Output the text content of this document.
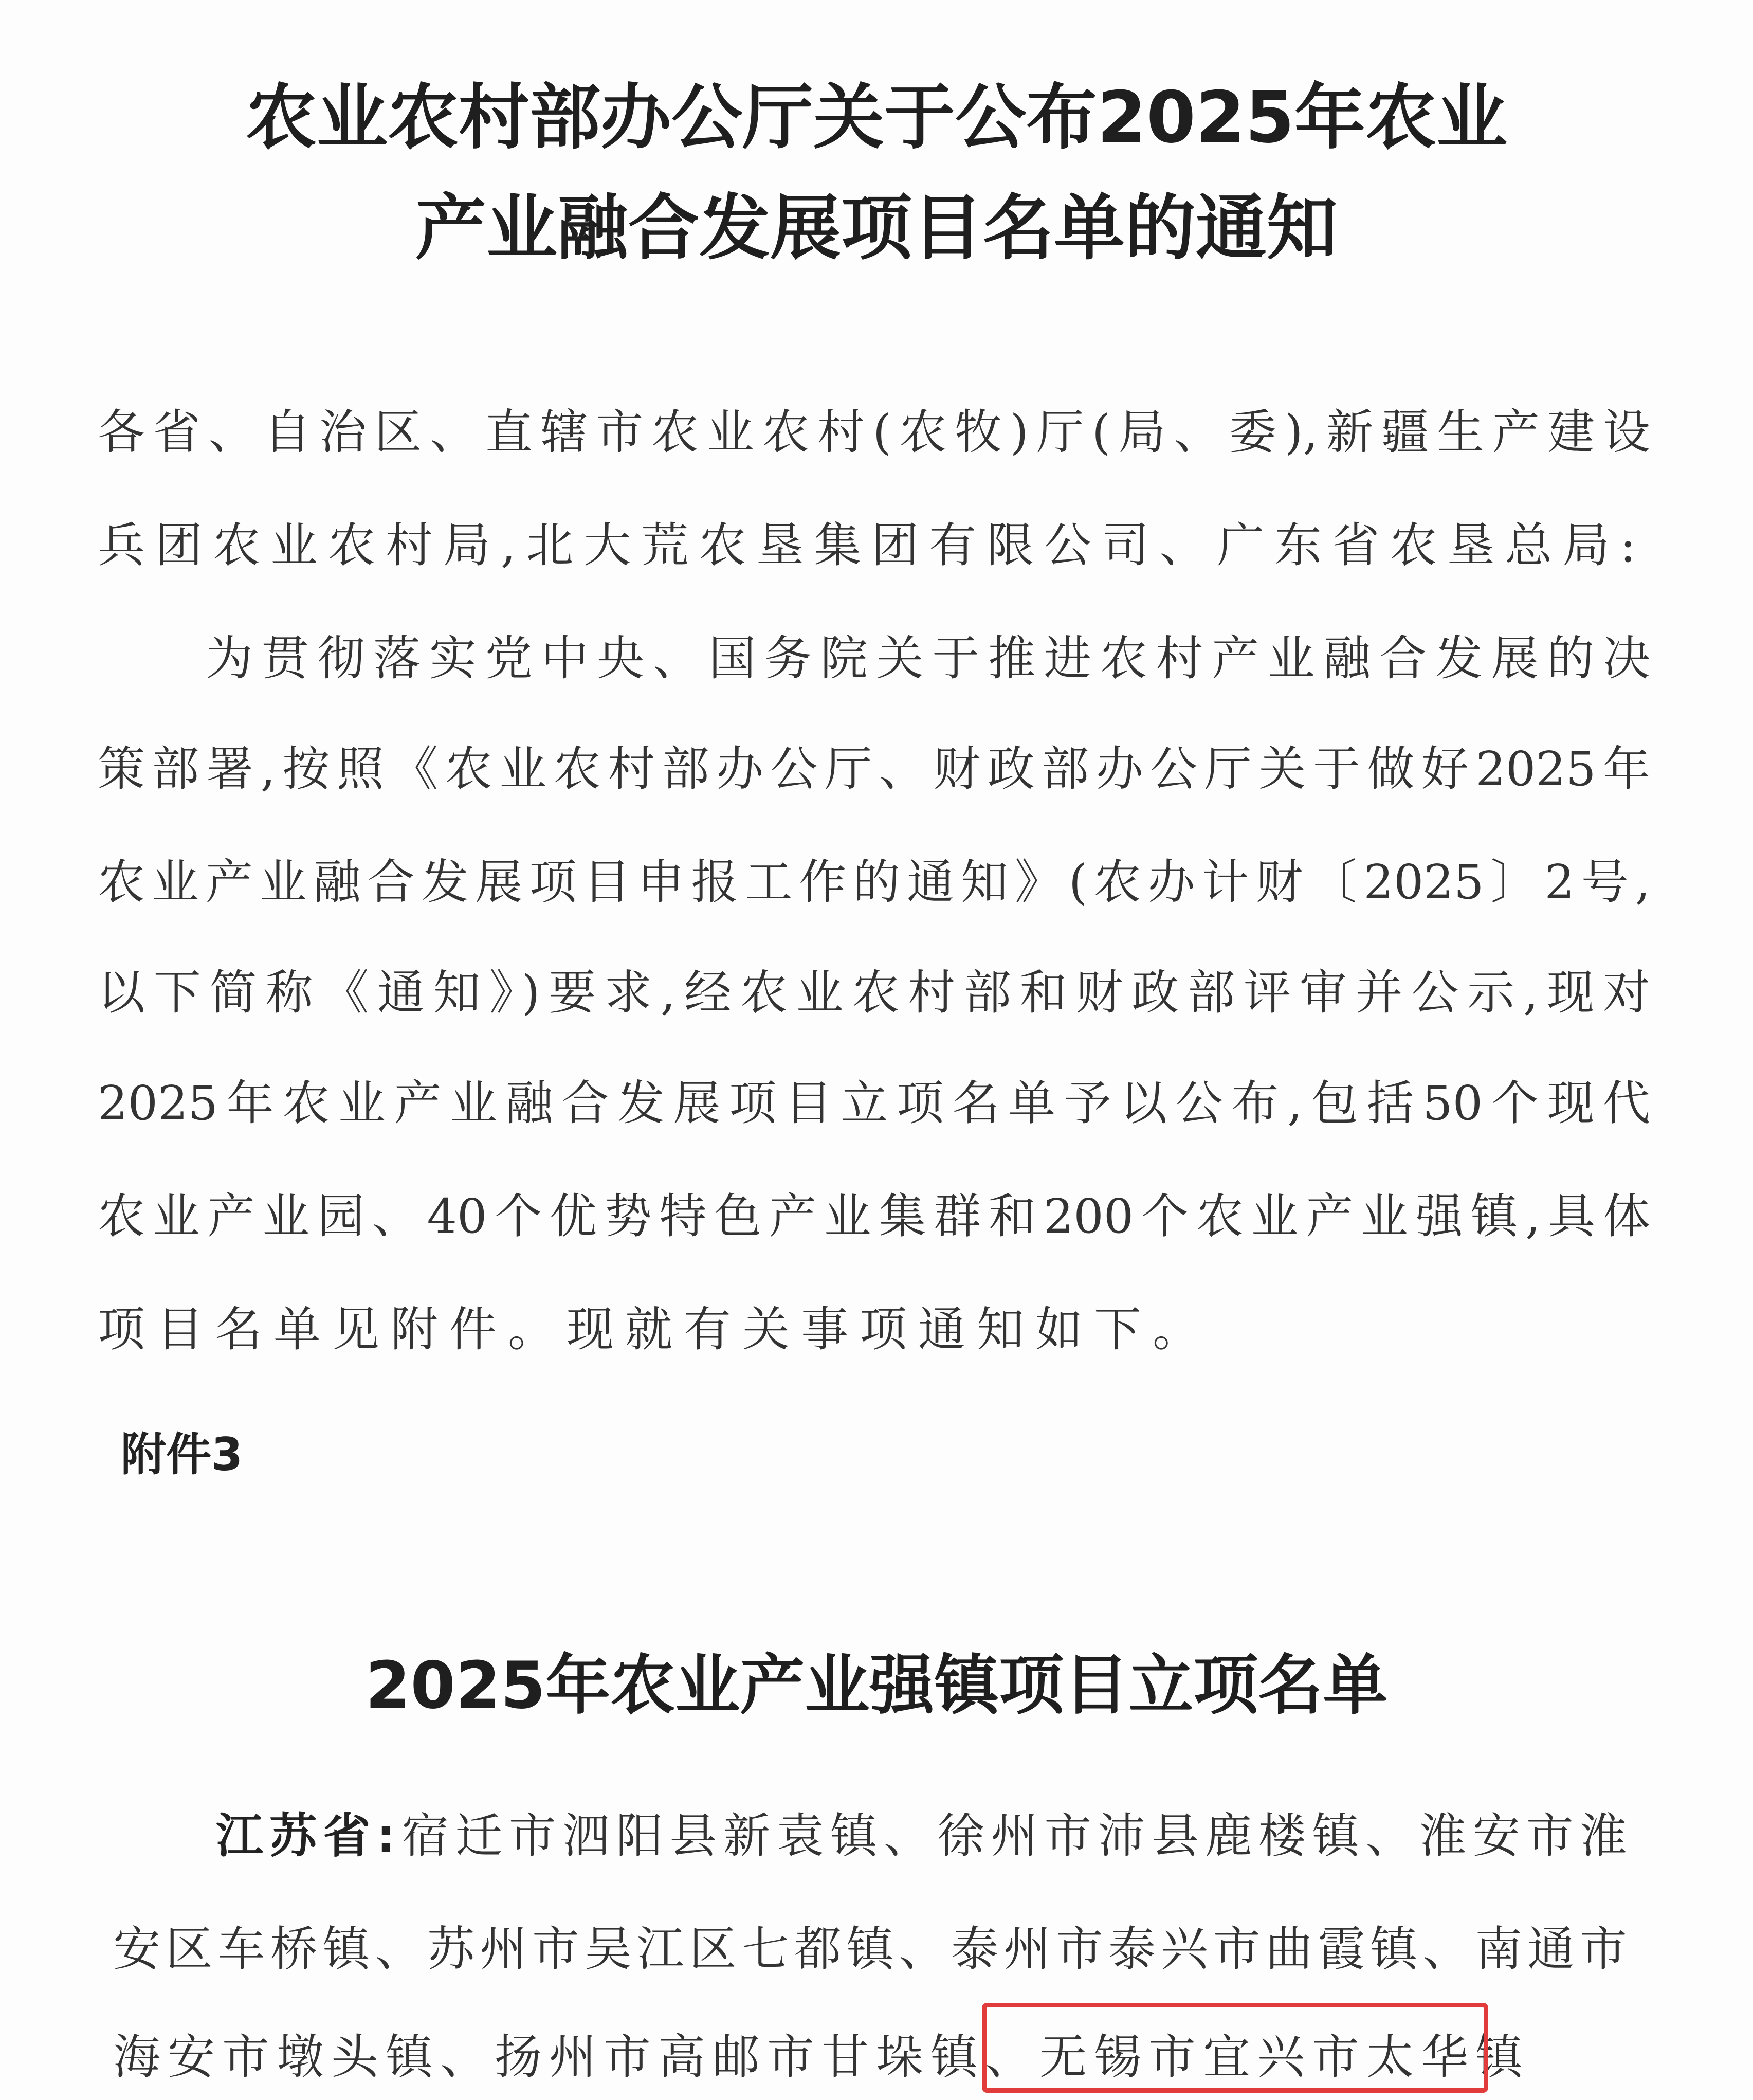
农业农村部办公厅关于公布2025年农业
产业融合发展项目名单的通知
各省、自治区、直辖市农业农村(农牧)厅(局、委),新疆生产建设
兵团农业农村局,北大荒农垦集团有限公司、广东省农垦总局:
为贯彻落实党中央、国务院关于推进农村产业融合发展的决
策部署,按照《农业农村部办公厅、财政部办公厅关于做好2025年
农业产业融合发展项目申报工作的通知》(农办计财〔2025〕2号,
以下简称《通知》)要求,经农业农村部和财政部评审并公示,现对
2025年农业产业融合发展项目立项名单予以公布,包括50个现代
农业产业园、40个优势特色产业集群和200个农业产业强镇,具体
项目名单见附件。现就有关事项通知如下。
附件3
2025年农业产业强镇项目立项名单
江苏省:宿迁市泗阳县新袁镇、徐州市沛县鹿楼镇、淮安市淮
安区车桥镇、苏州市吴江区七都镇、泰州市泰兴市曲霞镇、南通市
海安市墩头镇、扬州市高邮市甘垛镇、无锡市宜兴市太华镇
